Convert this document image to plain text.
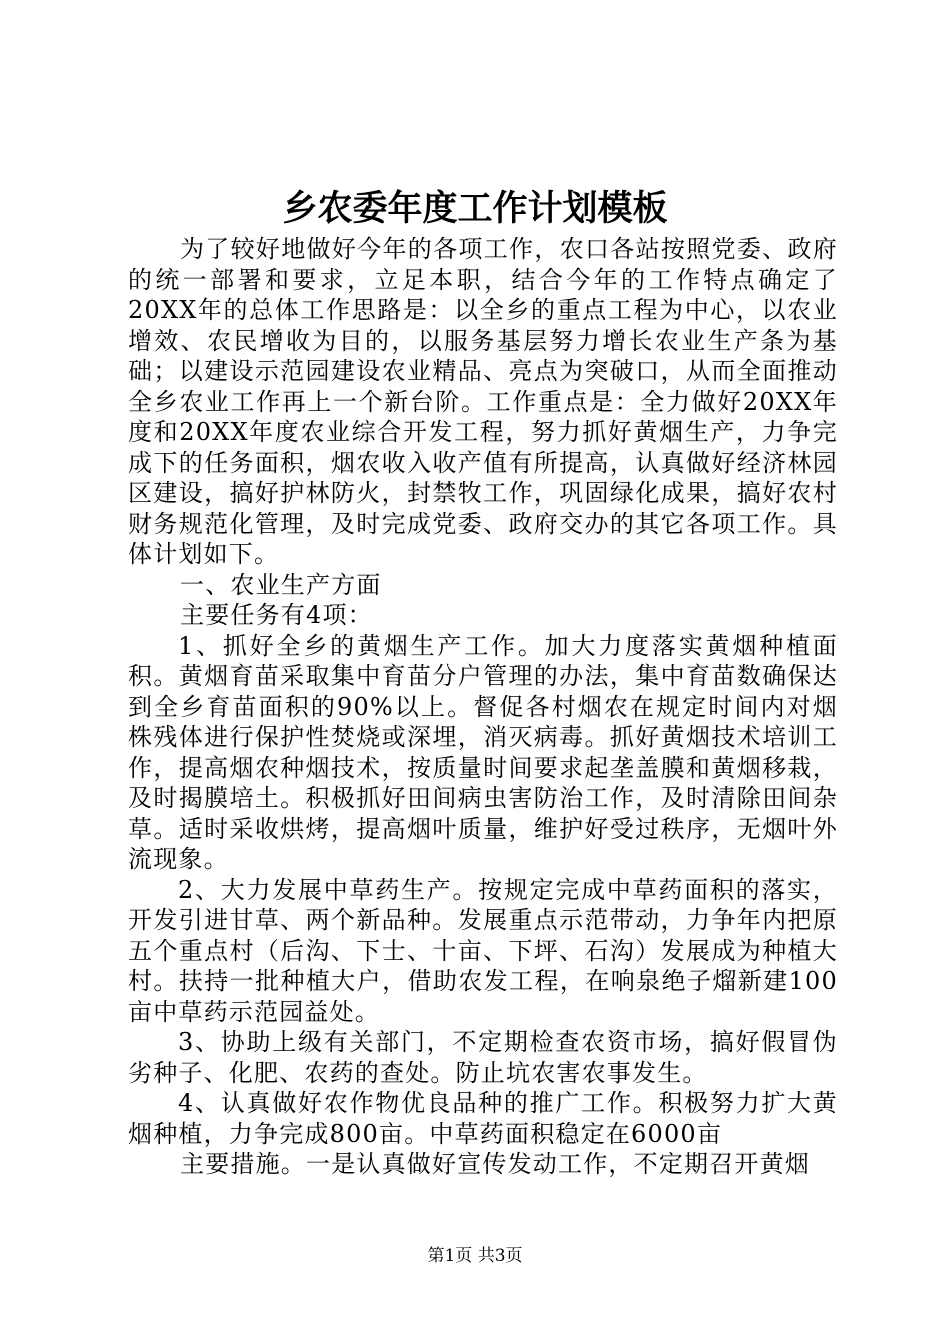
乡农委年度工作计划模板

为了较好地做好今年的各项工作，农口各站按照党委、政府的统一部署和要求，立足本职，结合今年的工作特点确定了20XX年的总体工作思路是：以全乡的重点工程为中心，以农业增效、农民增收为目的，以服务基层努力增长农业生产条为基础；以建设示范园建设农业精品、亮点为突破口，从而全面推动全乡农业工作再上一个新台阶。工作重点是：全力做好20XX年度和20XX年度农业综合开发工程，努力抓好黄烟生产，力争完成下的任务面积，烟农收入收产值有所提高，认真做好经济林园区建设，搞好护林防火，封禁牧工作，巩固绿化成果，搞好农村财务规范化管理，及时完成党委、政府交办的其它各项工作。具体计划如下。

一、农业生产方面

主要任务有4项：

1、抓好全乡的黄烟生产工作。加大力度落实黄烟种植面积。黄烟育苗采取集中育苗分户管理的办法，集中育苗数确保达到全乡育苗面积的90%以上。督促各村烟农在规定时间内对烟株残体进行保护性焚烧或深埋，消灭病毒。抓好黄烟技术培训工作，提高烟农种烟技术，按质量时间要求起垄盖膜和黄烟移栽，及时揭膜培土。积极抓好田间病虫害防治工作，及时清除田间杂草。适时采收烘烤，提高烟叶质量，维护好受过秩序，无烟叶外流现象。

2、大力发展中草药生产。按规定完成中草药面积的落实，开发引进甘草、两个新品种。发展重点示范带动，力争年内把原五个重点村（后沟、下士、十亩、下坪、石沟）发展成为种植大村。扶持一批种植大户，借助农发工程，在响泉绝子熘新建100亩中草药示范园益处。

3、协助上级有关部门，不定期检查农资市场，搞好假冒伪劣种子、化肥、农药的查处。防止坑农害农事发生。

4、认真做好农作物优良品种的推广工作。积极努力扩大黄烟种植，力争完成800亩。中草药面积稳定在6000亩

主要措施。一是认真做好宣传发动工作，不定期召开黄烟

第1页 共3页
